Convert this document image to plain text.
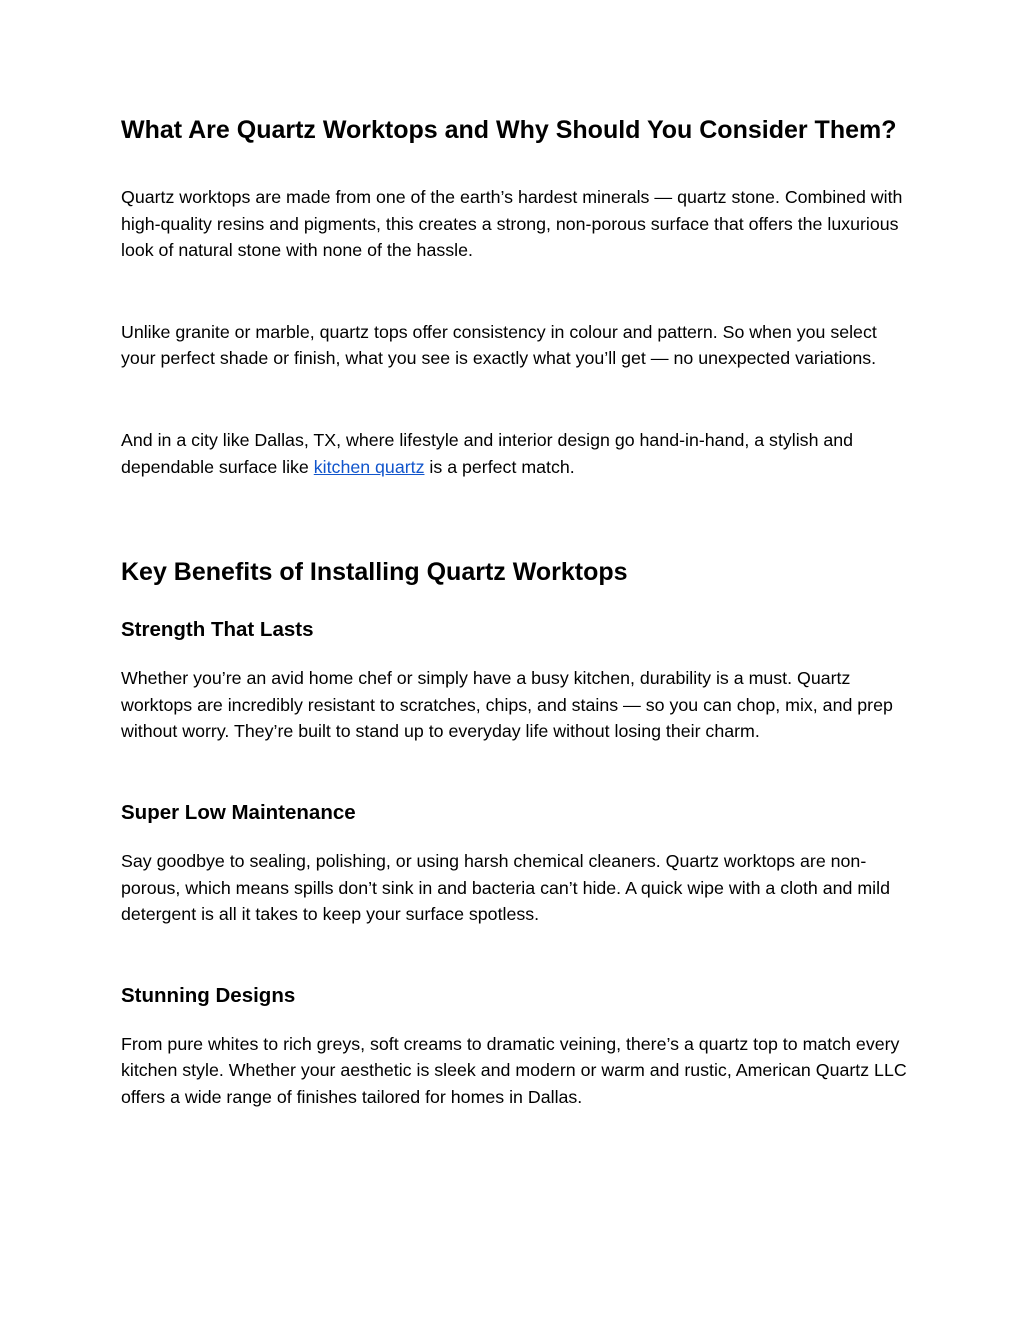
What Are Quartz Worktops and Why Should You Consider Them?

Quartz worktops are made from one of the earth’s hardest minerals — quartz stone. Combined with high-quality resins and pigments, this creates a strong, non-porous surface that offers the luxurious look of natural stone with none of the hassle.

Unlike granite or marble, quartz tops offer consistency in colour and pattern. So when you select your perfect shade or finish, what you see is exactly what you’ll get — no unexpected variations.

And in a city like Dallas, TX, where lifestyle and interior design go hand-in-hand, a stylish and dependable surface like kitchen quartz is a perfect match.

Key Benefits of Installing Quartz Worktops
Strength That Lasts

Whether you’re an avid home chef or simply have a busy kitchen, durability is a must. Quartz worktops are incredibly resistant to scratches, chips, and stains — so you can chop, mix, and prep without worry. They’re built to stand up to everyday life without losing their charm.

Super Low Maintenance

Say goodbye to sealing, polishing, or using harsh chemical cleaners. Quartz worktops are non-porous, which means spills don’t sink in and bacteria can’t hide. A quick wipe with a cloth and mild detergent is all it takes to keep your surface spotless.

Stunning Designs

From pure whites to rich greys, soft creams to dramatic veining, there’s a quartz top to match every kitchen style. Whether your aesthetic is sleek and modern or warm and rustic, American Quartz LLC offers a wide range of finishes tailored for homes in Dallas.
